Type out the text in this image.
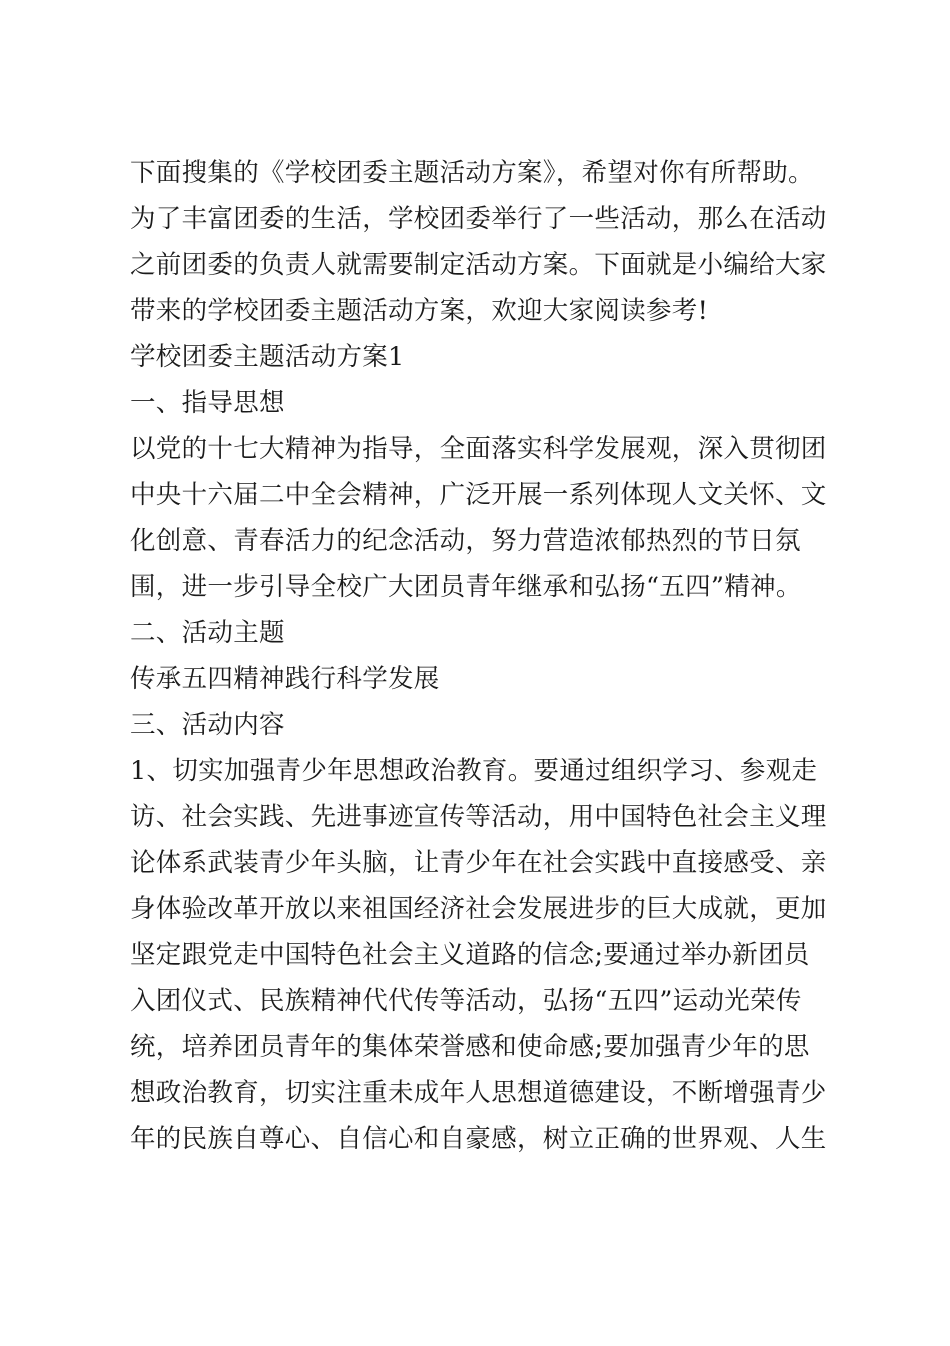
下面搜集的《学校团委主题活动方案》，希望对你有所帮助。
为了丰富团委的生活，学校团委举行了一些活动，那么在活动
之前团委的负责人就需要制定活动方案。下面就是小编给大家
带来的学校团委主题活动方案，欢迎大家阅读参考!
学校团委主题活动方案1
一、指导思想
以党的十七大精神为指导，全面落实科学发展观，深入贯彻团
中央十六届二中全会精神，广泛开展一系列体现人文关怀、文
化创意、青春活力的纪念活动，努力营造浓郁热烈的节日氛
围，进一步引导全校广大团员青年继承和弘扬“五四”精神。
二、活动主题
传承五四精神践行科学发展
三、活动内容
1、切实加强青少年思想政治教育。要通过组织学习、参观走
访、社会实践、先进事迹宣传等活动，用中国特色社会主义理
论体系武装青少年头脑，让青少年在社会实践中直接感受、亲
身体验改革开放以来祖国经济社会发展进步的巨大成就，更加
坚定跟党走中国特色社会主义道路的信念;要通过举办新团员
入团仪式、民族精神代代传等活动，弘扬“五四”运动光荣传
统，培养团员青年的集体荣誉感和使命感;要加强青少年的思
想政治教育，切实注重未成年人思想道德建设，不断增强青少
年的民族自尊心、自信心和自豪感，树立正确的世界观、人生
